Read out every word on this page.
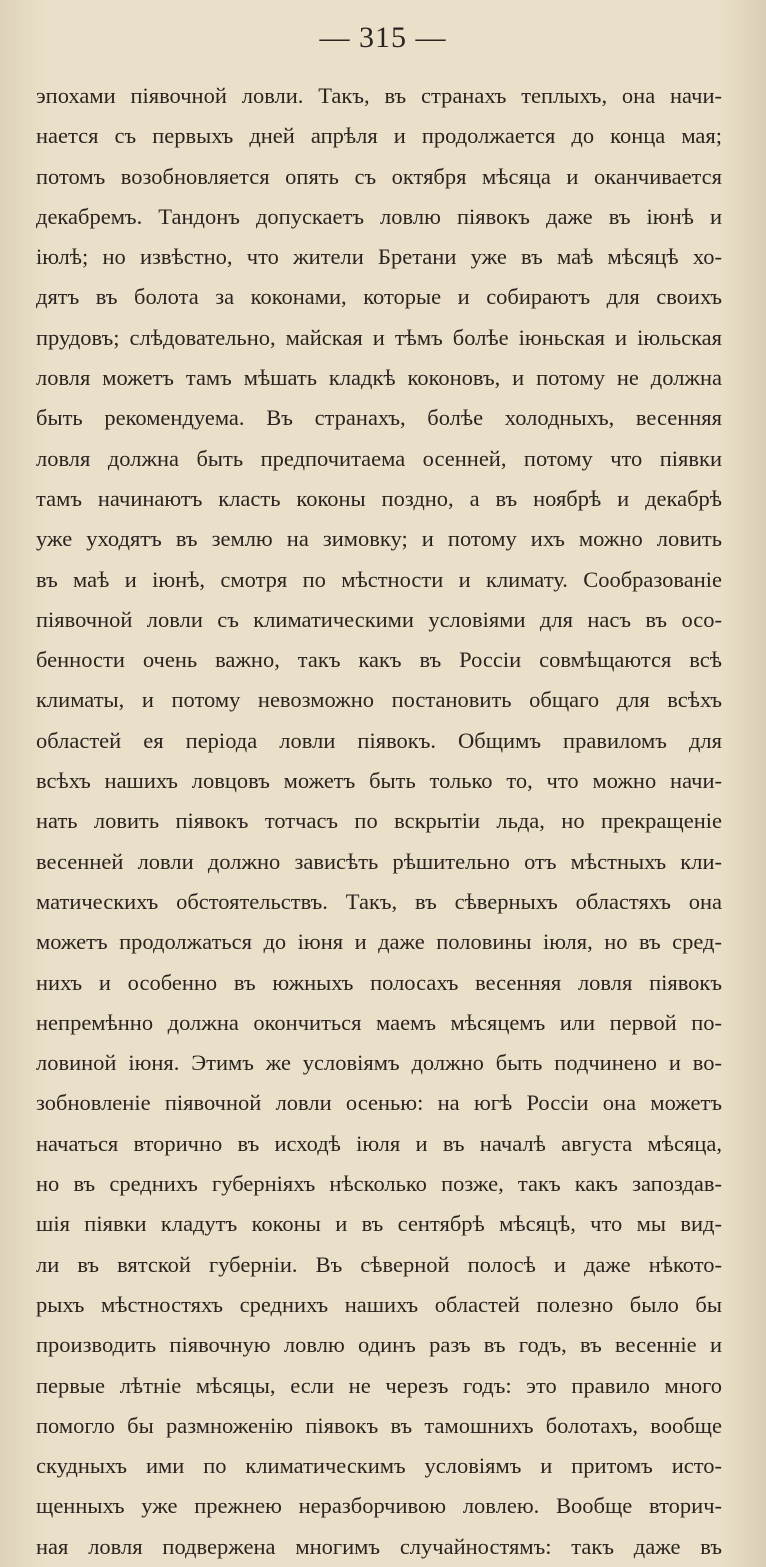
— 315 —
эпохами піявочной ловли. Такъ, въ странахъ теплыхъ, она начи-
нается съ первыхъ дней апрѣля и продолжается до конца мая;
потомъ возобновляется опять съ октября мѣсяца и оканчивается
декабремъ. Тандонъ допускаетъ ловлю піявокъ даже въ іюнѣ и
іюлѣ; но извѣстно, что жители Бретани уже въ маѣ мѣсяцѣ хо-
дятъ въ болота за коконами, которые и собираютъ для своихъ
прудовъ; слѣдовательно, майская и тѣмъ болѣе іюньская и іюльская
ловля можетъ тамъ мѣшать кладкѣ коконовъ, и потому не должна
быть рекомендуема. Въ странахъ, болѣе холодныхъ, весенняя
ловля должна быть предпочитаема осенней, потому что піявки
тамъ начинаютъ класть коконы поздно, а въ ноябрѣ и декабрѣ
уже уходятъ въ землю на зимовку; и потому ихъ можно ловить
въ маѣ и іюнѣ, смотря по мѣстности и климату. Сообразованіе
піявочной ловли съ климатическими условіями для насъ въ осо-
бенности очень важно, такъ какъ въ Россіи совмѣщаются всѣ
климаты, и потому невозможно постановить общаго для всѣхъ
областей ея періода ловли піявокъ. Общимъ правиломъ для
всѣхъ нашихъ ловцовъ можетъ быть только то, что можно начи-
нать ловить піявокъ тотчасъ по вскрытіи льда, но прекращеніе
весенней ловли должно зависѣть рѣшительно отъ мѣстныхъ кли-
матическихъ обстоятельствъ. Такъ, въ сѣверныхъ областяхъ она
можетъ продолжаться до іюня и даже половины іюля, но въ сред-
нихъ и особенно въ южныхъ полосахъ весенняя ловля піявокъ
непремѣнно должна окончиться маемъ мѣсяцемъ или первой по-
ловиной іюня. Этимъ же условіямъ должно быть подчинено и во-
зобновленіе піявочной ловли осенью: на югѣ Россіи она можетъ
начаться вторично въ исходѣ іюля и въ началѣ августа мѣсяца,
но въ среднихъ губерніяхъ нѣсколько позже, такъ какъ запоздав-
шія піявки кладутъ коконы и въ сентябрѣ мѣсяцѣ, что мы вид-
ли въ вятской губерніи. Въ сѣверной полосѣ и даже нѣкото-
рыхъ мѣстностяхъ среднихъ нашихъ областей полезно было бы
производить піявочную ловлю одинъ разъ въ годъ, въ весенніе и
первые лѣтніе мѣсяцы, если не черезъ годъ: это правило много
помогло бы размноженію піявокъ въ тамошнихъ болотахъ, вообще
скудныхъ ими по климатическимъ условіямъ и притомъ исто-
щенныхъ уже прежнею неразборчивою ловлею. Вообще вторич-
ная ловля подвержена многимъ случайностямъ: такъ даже въ
